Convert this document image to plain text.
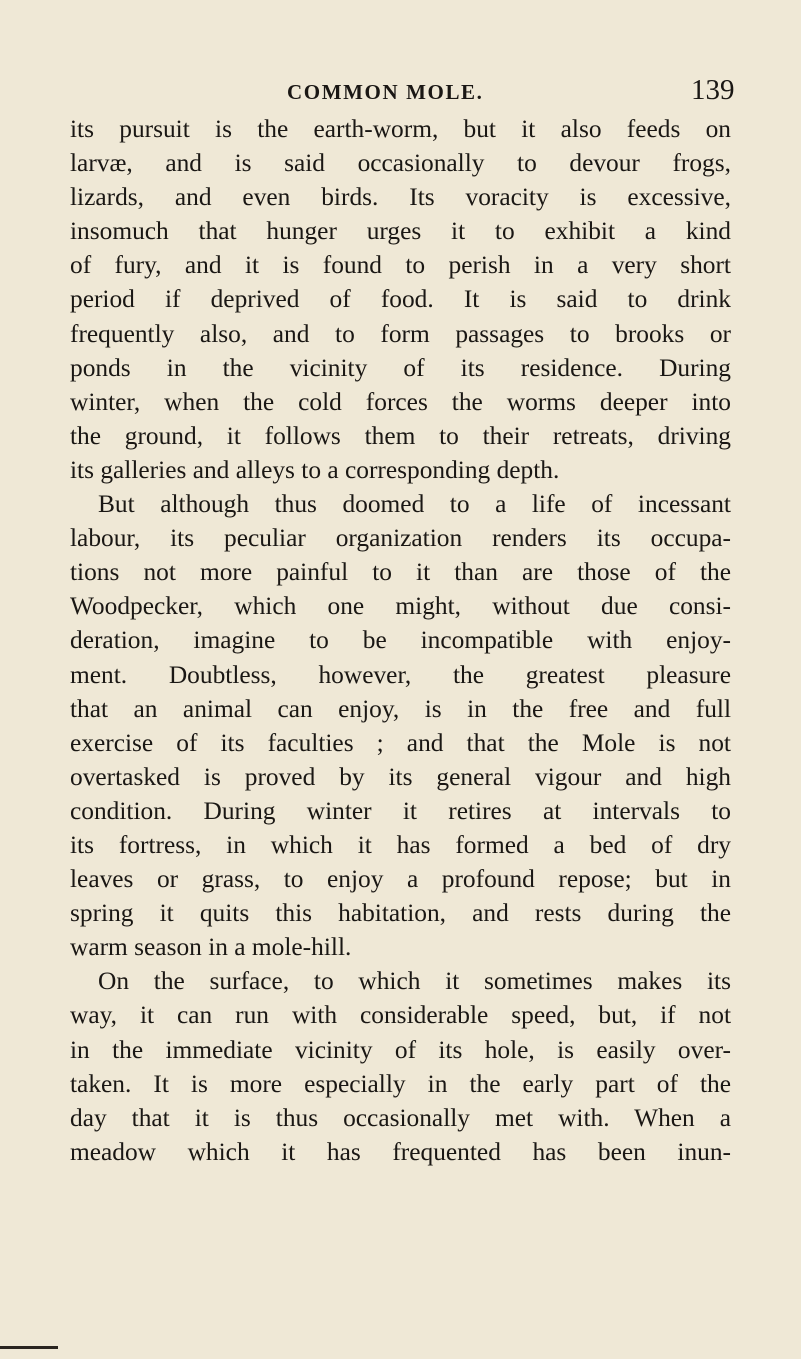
COMMON MOLE.	139
its pursuit is the earth-worm, but it also feeds on
larvæ, and is said occasionally to devour frogs,
lizards, and even birds. Its voracity is excessive,
insomuch that hunger urges it to exhibit a kind
of fury, and it is found to perish in a very short
period if deprived of food. It is said to drink
frequently also, and to form passages to brooks or
ponds in the vicinity of its residence. During
winter, when the cold forces the worms deeper into
the ground, it follows them to their retreats, driving
its galleries and alleys to a corresponding depth.
But although thus doomed to a life of incessant
labour, its peculiar organization renders its occupa-
tions not more painful to it than are those of the
Woodpecker, which one might, without due consi-
deration, imagine to be incompatible with enjoy-
ment. Doubtless, however, the greatest pleasure
that an animal can enjoy, is in the free and full
exercise of its faculties ; and that the Mole is not
overtasked is proved by its general vigour and high
condition. During winter it retires at intervals to
its fortress, in which it has formed a bed of dry
leaves or grass, to enjoy a profound repose; but in
spring it quits this habitation, and rests during the
warm season in a mole-hill.
On the surface, to which it sometimes makes its
way, it can run with considerable speed, but, if not
in the immediate vicinity of its hole, is easily over-
taken. It is more especially in the early part of the
day that it is thus occasionally met with. When a
meadow which it has frequented has been inun-
